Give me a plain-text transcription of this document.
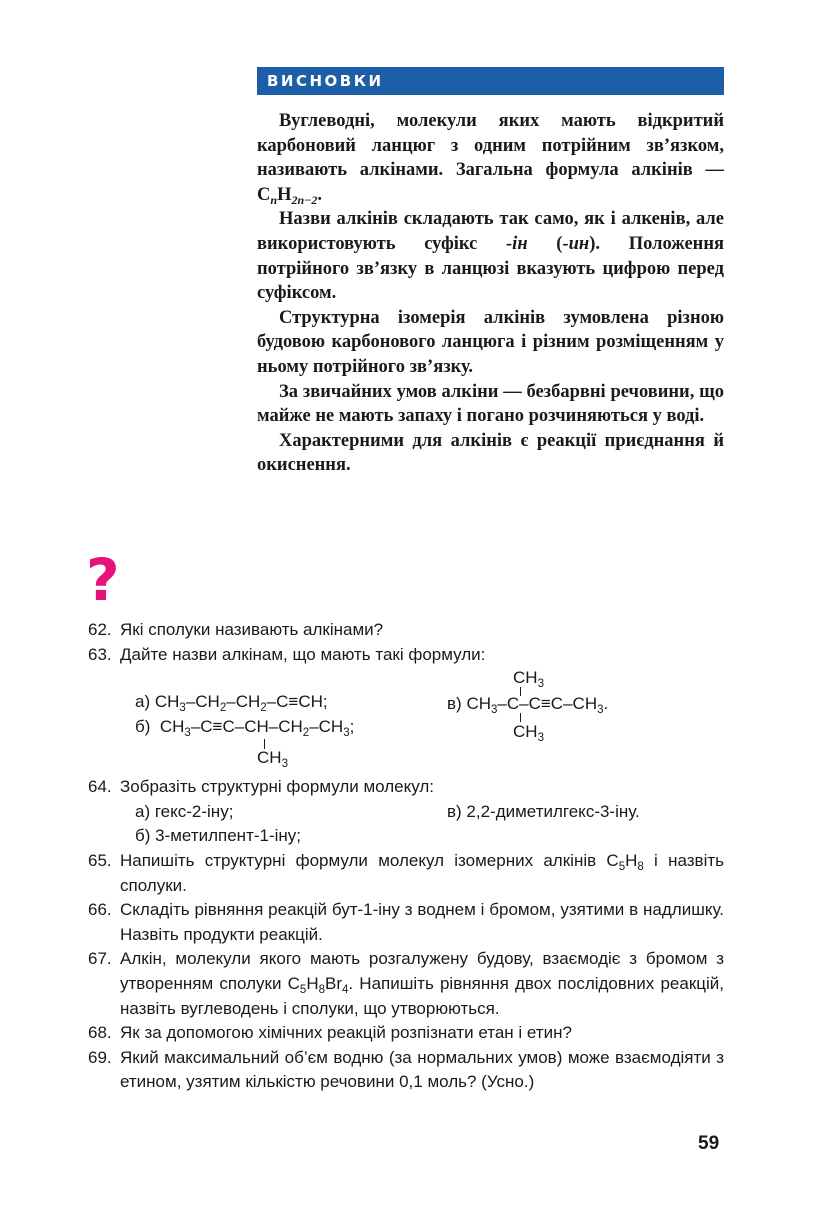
ВИСНОВКИ

Вуглеводні, молекули яких мають відкритий карбоновий ланцюг з одним потрійним зв’язком, називають алкінами. Загальна формула алкінів — $C_nH_{2n-2}$.

Назви алкінів складають так само, як і алкенів, але використовують суфікс -ін (-ин). Положення потрійного зв’язку в ланцюзі вказують цифрою перед суфіксом.

Структурна ізомерія алкінів зумовлена різною будовою карбонового ланцюга і різним розміщенням у ньому потрійного зв’язку.

За звичайних умов алкіни — безбарвні речовини, що майже не мають запаху і погано розчиняються у воді.

Характерними для алкінів є реакції приєднання й окиснення.

?
62. Які сполуки називають алкінами?
63. Дайте назви алкінам, що мають такі формули:
а) $CH_3-CH_2-CH_2-C\equiv CH$;
б) $CH_3-C\equiv C-CH-CH_2-CH_3$;
$CH_3$
$CH_3$
в) $CH_3-C-C\equiv C-CH_3$.
$CH_3$
64. Зобразіть структурні формули молекул:
а) гекс-2-іну;	в) 2,2-диметилгекс-3-іну.
б) 3-метилпент-1-іну;
65. Напишіть структурні формули молекул ізомерних алкінів $C_5H_8$ і назвіть сполуки.
66. Складіть рівняння реакцій бут-1-іну з воднем і бромом, узятими в надлишку. Назвіть продукти реакцій.
67. Алкін, молекули якого мають розгалужену будову, взаємодіє з бромом з утворенням сполуки $C_5H_8Br_4$. Напишіть рівняння двох послідовних реакцій, назвіть вуглеводень і сполуки, що утворюються.
68. Як за допомогою хімічних реакцій розпізнати етан і етин?
69. Який максимальний об’єм водню (за нормальних умов) може взаємодіяти з етином, узятим кількістю речовини 0,1 моль? (Усно.)
59
